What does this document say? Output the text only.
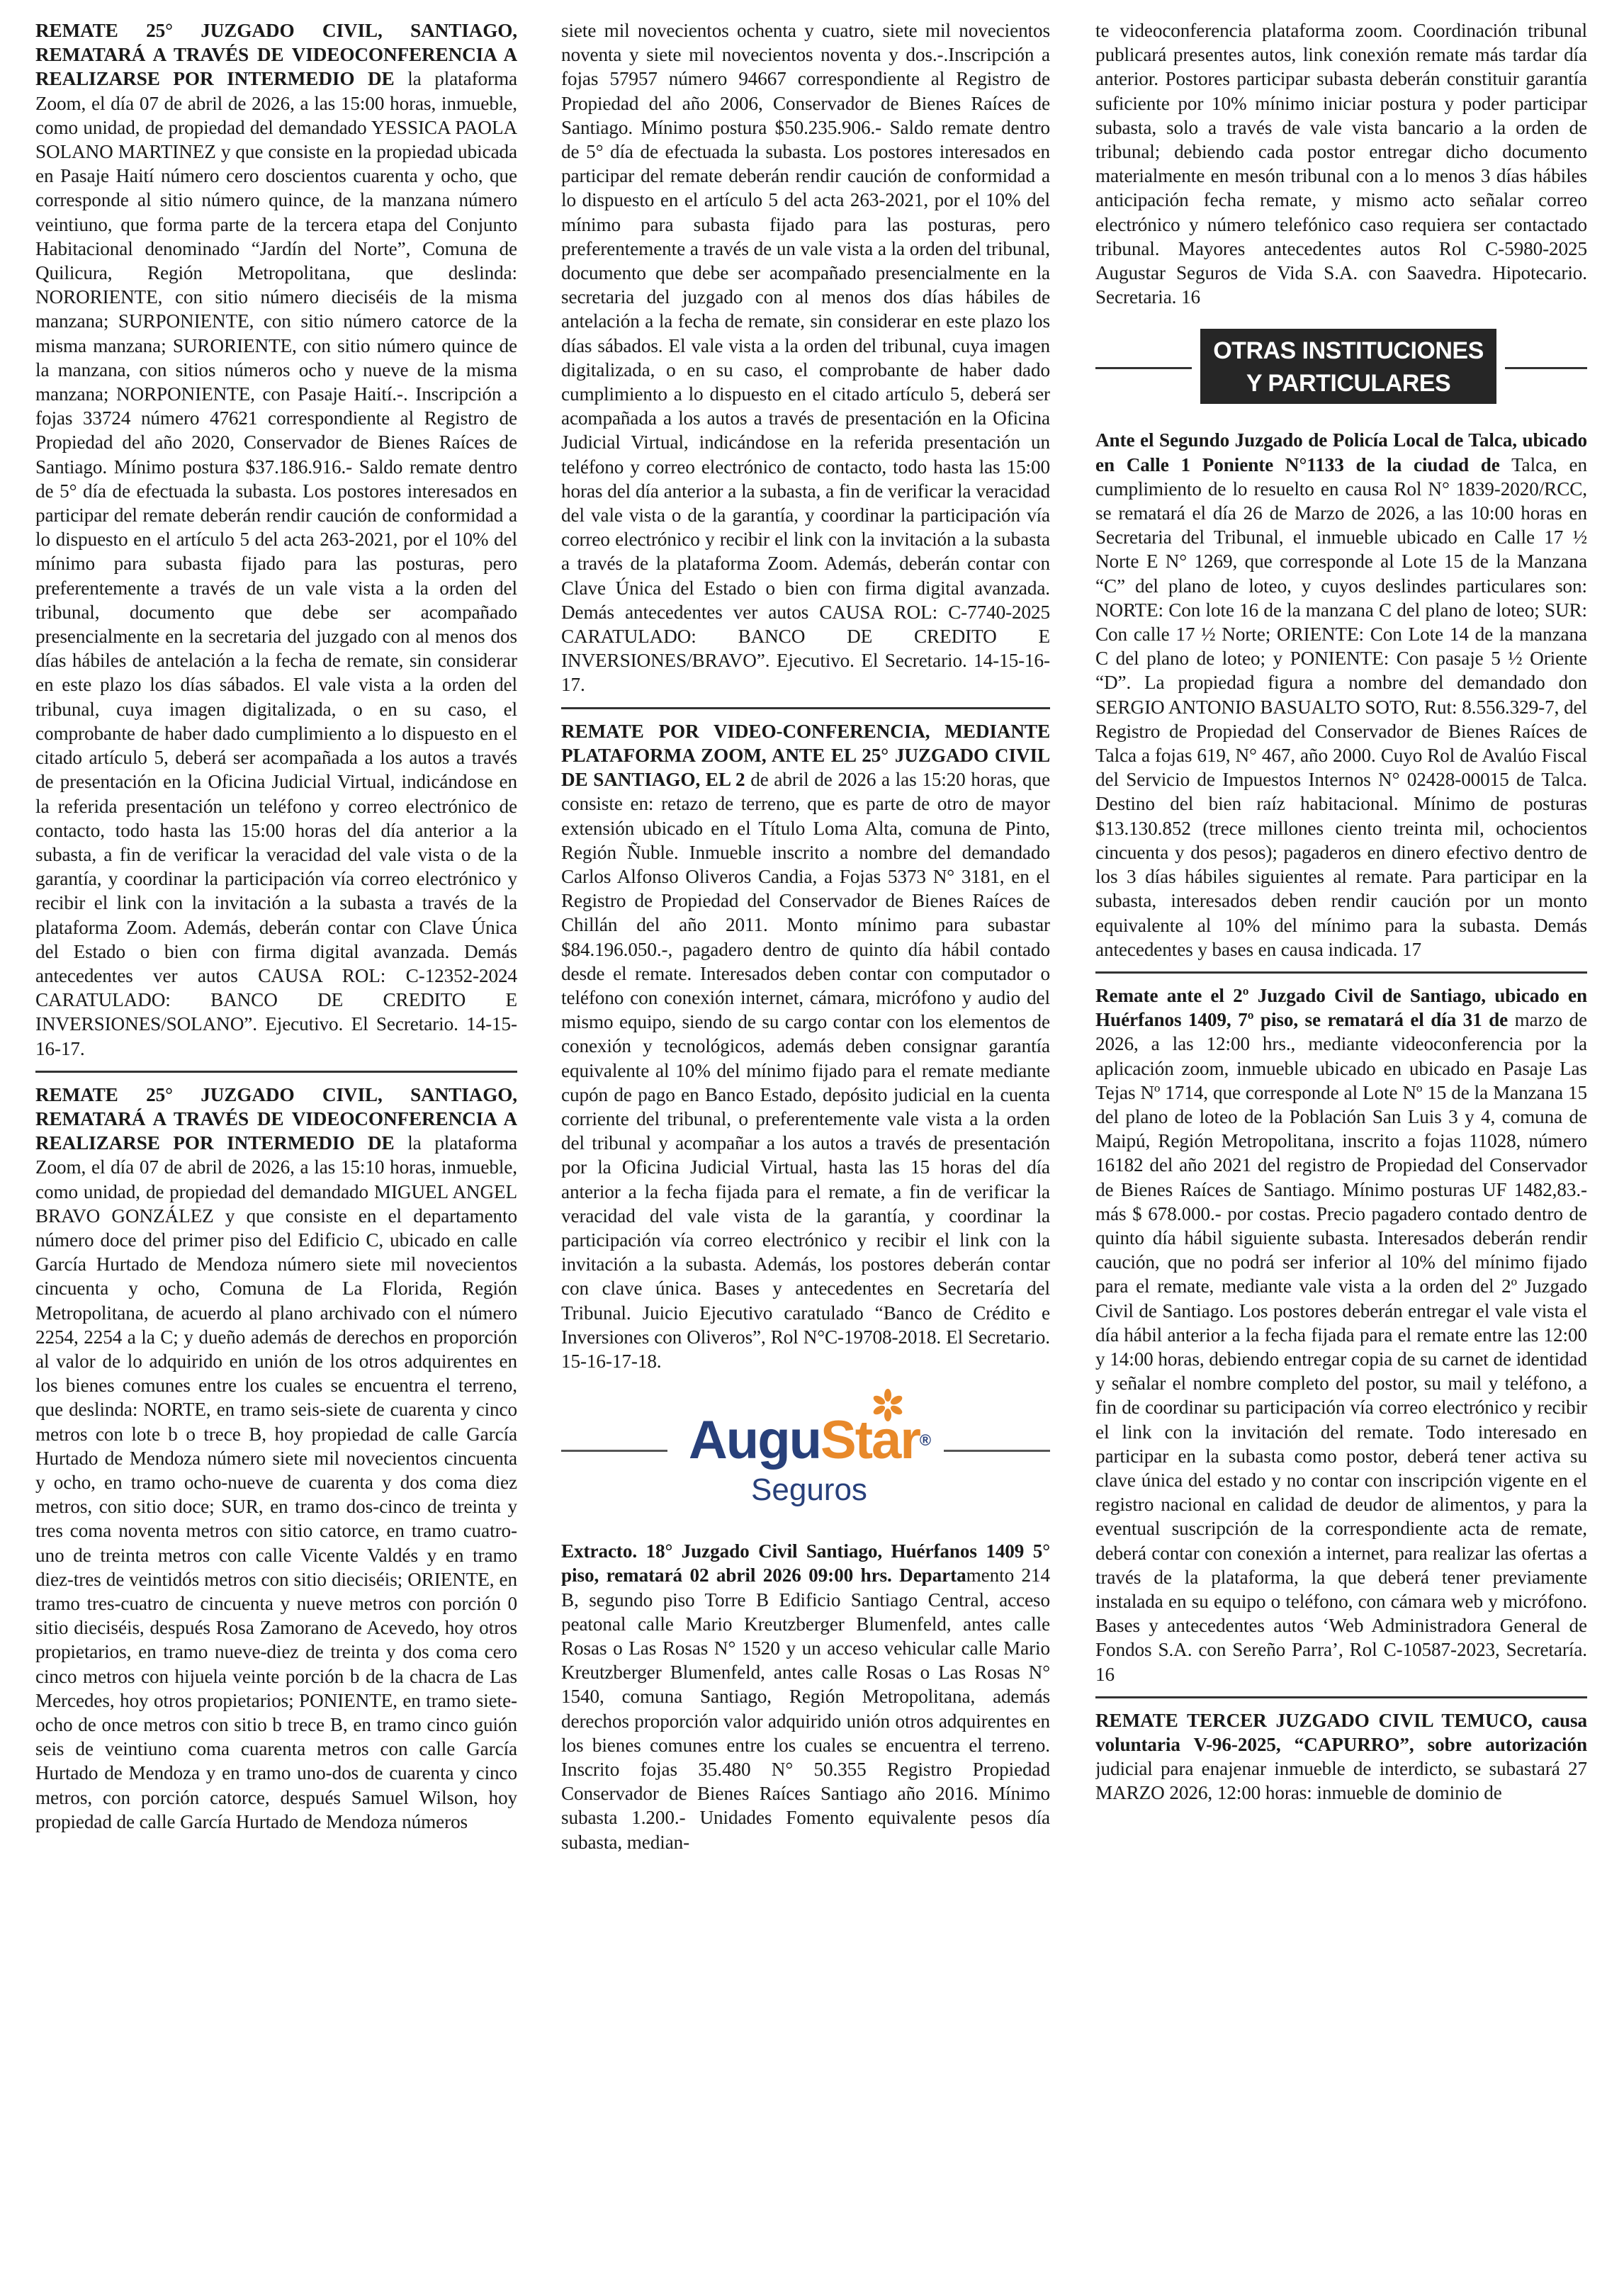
REMATE 25° JUZGADO CIVIL, SANTIAGO, REMATARÁ A TRAVÉS DE VIDEOCONFERENCIA A REALIZARSE POR INTERMEDIO DE la plataforma Zoom, el día 07 de abril de 2026, a las 15:00 horas, inmueble, como unidad, de propiedad del demandado YESSICA PAOLA SOLANO MARTINEZ y que consiste en la propiedad ubicada en Pasaje Haití número cero doscientos cuarenta y ocho, que corresponde al sitio número quince, de la manzana número veintiuno, que forma parte de la tercera etapa del Conjunto Habitacional denominado “Jardín del Norte”, Comuna de Quilicura, Región Metropolitana, que deslinda: NORORIENTE, con sitio número dieciséis de la misma manzana; SURPONIENTE, con sitio número catorce de la misma manzana; SURORIENTE, con sitio número quince de la manzana, con sitios números ocho y nueve de la misma manzana; NORPONIENTE, con Pasaje Haití.-. Inscripción a fojas 33724 número 47621 correspondiente al Registro de Propiedad del año 2020, Conservador de Bienes Raíces de Santiago. Mínimo postura $37.186.916.- Saldo remate dentro de 5° día de efectuada la subasta. Los postores interesados en participar del remate deberán rendir caución de conformidad a lo dispuesto en el artículo 5 del acta 263-2021, por el 10% del mínimo para subasta fijado para las posturas, pero preferentemente a través de un vale vista a la orden del tribunal, documento que debe ser acompañado presencialmente en la secretaria del juzgado con al menos dos días hábiles de antelación a la fecha de remate, sin considerar en este plazo los días sábados. El vale vista a la orden del tribunal, cuya imagen digitalizada, o en su caso, el comprobante de haber dado cumplimiento a lo dispuesto en el citado artículo 5, deberá ser acompañada a los autos a través de presentación en la Oficina Judicial Virtual, indicándose en la referida presentación un teléfono y correo electrónico de contacto, todo hasta las 15:00 horas del día anterior a la subasta, a fin de verificar la veracidad del vale vista o de la garantía, y coordinar la participación vía correo electrónico y recibir el link con la invitación a la subasta a través de la plataforma Zoom. Además, deberán contar con Clave Única del Estado o bien con firma digital avanzada. Demás antecedentes ver autos CAUSA ROL: C-12352-2024 CARATULADO: BANCO DE CREDITO E INVERSIONES/SOLANO”. Ejecutivo. El Secretario. 14-15-16-17.

REMATE 25° JUZGADO CIVIL, SANTIAGO, REMATARÁ A TRAVÉS DE VIDEOCONFERENCIA A REALIZARSE POR INTERMEDIO DE la plataforma Zoom, el día 07 de abril de 2026, a las 15:10 horas, inmueble, como unidad, de propiedad del demandado MIGUEL ANGEL BRAVO GONZÁLEZ y que consiste en el departamento número doce del primer piso del Edificio C, ubicado en calle García Hurtado de Mendoza número siete mil novecientos cincuenta y ocho, Comuna de La Florida, Región Metropolitana, de acuerdo al plano archivado con el número 2254, 2254 a la C; y dueño además de derechos en proporción al valor de lo adquirido en unión de los otros adquirentes en los bienes comunes entre los cuales se encuentra el terreno, que deslinda: NORTE, en tramo seis-siete de cuarenta y cinco metros con lote b o trece B, hoy propiedad de calle García Hurtado de Mendoza número siete mil novecientos cincuenta y ocho, en tramo ocho-nueve de cuarenta y dos coma diez metros, con sitio doce; SUR, en tramo dos-cinco de treinta y tres coma noventa metros con sitio catorce, en tramo cuatro-uno de treinta metros con calle Vicente Valdés y en tramo diez-tres de veintidós metros con sitio dieciséis; ORIENTE, en tramo tres-cuatro de cincuenta y nueve metros con porción 0 sitio dieciséis, después Rosa Zamorano de Acevedo, hoy otros propietarios, en tramo nueve-diez de treinta y dos coma cero cinco metros con hijuela veinte porción b de la chacra de Las Mercedes, hoy otros propietarios; PONIENTE, en tramo siete-ocho de once metros con sitio b trece B, en tramo cinco guión seis de veintiuno coma cuarenta metros con calle García Hurtado de Mendoza y en tramo uno-dos de cuarenta y cinco metros, con porción catorce, después Samuel Wilson, hoy propiedad de calle García Hurtado de Mendoza números

siete mil novecientos ochenta y cuatro, siete mil novecientos noventa y siete mil novecientos noventa y dos.-.Inscripción a fojas 57957 número 94667 correspondiente al Registro de Propiedad del año 2006, Conservador de Bienes Raíces de Santiago. Mínimo postura $50.235.906.- Saldo remate dentro de 5° día de efectuada la subasta. Los postores interesados en participar del remate deberán rendir caución de conformidad a lo dispuesto en el artículo 5 del acta 263-2021, por el 10% del mínimo para subasta fijado para las posturas, pero preferentemente a través de un vale vista a la orden del tribunal, documento que debe ser acompañado presencialmente en la secretaria del juzgado con al menos dos días hábiles de antelación a la fecha de remate, sin considerar en este plazo los días sábados. El vale vista a la orden del tribunal, cuya imagen digitalizada, o en su caso, el comprobante de haber dado cumplimiento a lo dispuesto en el citado artículo 5, deberá ser acompañada a los autos a través de presentación en la Oficina Judicial Virtual, indicándose en la referida presentación un teléfono y correo electrónico de contacto, todo hasta las 15:00 horas del día anterior a la subasta, a fin de verificar la veracidad del vale vista o de la garantía, y coordinar la participación vía correo electrónico y recibir el link con la invitación a la subasta a través de la plataforma Zoom. Además, deberán contar con Clave Única del Estado o bien con firma digital avanzada. Demás antecedentes ver autos CAUSA ROL: C-7740-2025 CARATULADO: BANCO DE CREDITO E INVERSIONES/BRAVO”. Ejecutivo. El Secretario. 14-15-16-17.

REMATE POR VIDEO-CONFERENCIA, MEDIANTE PLATAFORMA ZOOM, ANTE EL 25° JUZGADO CIVIL DE SANTIAGO, EL 2 de abril de 2026 a las 15:20 horas, que consiste en: retazo de terreno, que es parte de otro de mayor extensión ubicado en el Título Loma Alta, comuna de Pinto, Región Ñuble. Inmueble inscrito a nombre del demandado Carlos Alfonso Oliveros Candia, a Fojas 5373 N° 3181, en el Registro de Propiedad del Conservador de Bienes Raíces de Chillán del año 2011. Monto mínimo para subastar $84.196.050.-, pagadero dentro de quinto día hábil contado desde el remate. Interesados deben contar con computador o teléfono con conexión internet, cámara, micrófono y audio del mismo equipo, siendo de su cargo contar con los elementos de conexión y tecnológicos, además deben consignar garantía equivalente al 10% del mínimo fijado para el remate mediante cupón de pago en Banco Estado, depósito judicial en la cuenta corriente del tribunal, o preferentemente vale vista a la orden del tribunal y acompañar a los autos a través de presentación por la Oficina Judicial Virtual, hasta las 15 horas del día anterior a la fecha fijada para el remate, a fin de verificar la veracidad del vale vista de la garantía, y coordinar la participación vía correo electrónico y recibir el link con la invitación a la subasta. Además, los postores deberán contar con clave única. Bases y antecedentes en Secretaría del Tribunal. Juicio Ejecutivo caratulado “Banco de Crédito e Inversiones con Oliveros”, Rol N°C-19708-2018. El Secretario. 15-16-17-18.

AuguStar®
Seguros

Extracto. 18° Juzgado Civil Santiago, Huérfanos 1409 5° piso, rematará 02 abril 2026 09:00 hrs. Departamento 214 B, segundo piso Torre B Edificio Santiago Central, acceso peatonal calle Mario Kreutzberger Blumenfeld, antes calle Rosas o Las Rosas N° 1520 y un acceso vehicular calle Mario Kreutzberger Blumenfeld, antes calle Rosas o Las Rosas N° 1540, comuna Santiago, Región Metropolitana, además derechos proporción valor adquirido unión otros adquirentes en los bienes comunes entre los cuales se encuentra el terreno. Inscrito fojas 35.480 N° 50.355 Registro Propiedad Conservador de Bienes Raíces Santiago año 2016. Mínimo subasta 1.200.- Unidades Fomento equivalente pesos día subasta, median-

te videoconferencia plataforma zoom. Coordinación tribunal publicará presentes autos, link conexión remate más tardar día anterior. Postores participar subasta deberán constituir garantía suficiente por 10% mínimo iniciar postura y poder participar subasta, solo a través de vale vista bancario a la orden de tribunal; debiendo cada postor entregar dicho documento materialmente en mesón tribunal con a lo menos 3 días hábiles anticipación fecha remate, y mismo acto señalar correo electrónico y número telefónico caso requiera ser contactado tribunal. Mayores antecedentes autos Rol C-5980-2025 Augustar Seguros de Vida S.A. con Saavedra. Hipotecario. Secretaria. 16

OTRAS INSTITUCIONES
Y PARTICULARES

Ante el Segundo Juzgado de Policía Local de Talca, ubicado en Calle 1 Poniente N°1133 de la ciudad de Talca, en cumplimiento de lo resuelto en causa Rol N° 1839-2020/RCC, se rematará el día 26 de Marzo de 2026, a las 10:00 horas en Secretaria del Tribunal, el inmueble ubicado en Calle 17 ½ Norte E N° 1269, que corresponde al Lote 15 de la Manzana “C” del plano de loteo, y cuyos deslindes particulares son: NORTE: Con lote 16 de la manzana C del plano de loteo; SUR: Con calle 17 ½ Norte; ORIENTE: Con Lote 14 de la manzana C del plano de loteo; y PONIENTE: Con pasaje 5 ½ Oriente “D”. La propiedad figura a nombre del demandado don SERGIO ANTONIO BASUALTO SOTO, Rut: 8.556.329-7, del Registro de Propiedad del Conservador de Bienes Raíces de Talca a fojas 619, N° 467, año 2000. Cuyo Rol de Avalúo Fiscal del Servicio de Impuestos Internos N° 02428-00015 de Talca. Destino del bien raíz habitacional. Mínimo de posturas $13.130.852 (trece millones ciento treinta mil, ochocientos cincuenta y dos pesos); pagaderos en dinero efectivo dentro de los 3 días hábiles siguientes al remate. Para participar en la subasta, interesados deben rendir caución por un monto equivalente al 10% del mínimo para la subasta. Demás antecedentes y bases en causa indicada. 17

Remate ante el 2º Juzgado Civil de Santiago, ubicado en Huérfanos 1409, 7º piso, se rematará el día 31 de marzo de 2026, a las 12:00 hrs., mediante videoconferencia por la aplicación zoom, inmueble ubicado en ubicado en Pasaje Las Tejas Nº 1714, que corresponde al Lote Nº 15 de la Manzana 15 del plano de loteo de la Población San Luis 3 y 4, comuna de Maipú, Región Metropolitana, inscrito a fojas 11028, número 16182 del año 2021 del registro de Propiedad del Conservador de Bienes Raíces de Santiago. Mínimo posturas UF 1482,83.- más $ 678.000.- por costas. Precio pagadero contado dentro de quinto día hábil siguiente subasta. Interesados deberán rendir caución, que no podrá ser inferior al 10% del mínimo fijado para el remate, mediante vale vista a la orden del 2º Juzgado Civil de Santiago. Los postores deberán entregar el vale vista el día hábil anterior a la fecha fijada para el remate entre las 12:00 y 14:00 horas, debiendo entregar copia de su carnet de identidad y señalar el nombre completo del postor, su mail y teléfono, a fin de coordinar su participación vía correo electrónico y recibir el link con la invitación del remate. Todo interesado en participar en la subasta como postor, deberá tener activa su clave única del estado y no contar con inscripción vigente en el registro nacional en calidad de deudor de alimentos, y para la eventual suscripción de la correspondiente acta de remate, deberá contar con conexión a internet, para realizar las ofertas a través de la plataforma, la que deberá tener previamente instalada en su equipo o teléfono, con cámara web y micrófono. Bases y antecedentes autos ‘Web Administradora General de Fondos S.A. con Sereño Parra’, Rol C-10587-2023, Secretaría. 16

REMATE TERCER JUZGADO CIVIL TEMUCO, causa voluntaria V-96-2025, “CAPURRO”, sobre autorización judicial para enajenar inmueble de interdicto, se subastará 27 MARZO 2026, 12:00 horas: inmueble de dominio de
